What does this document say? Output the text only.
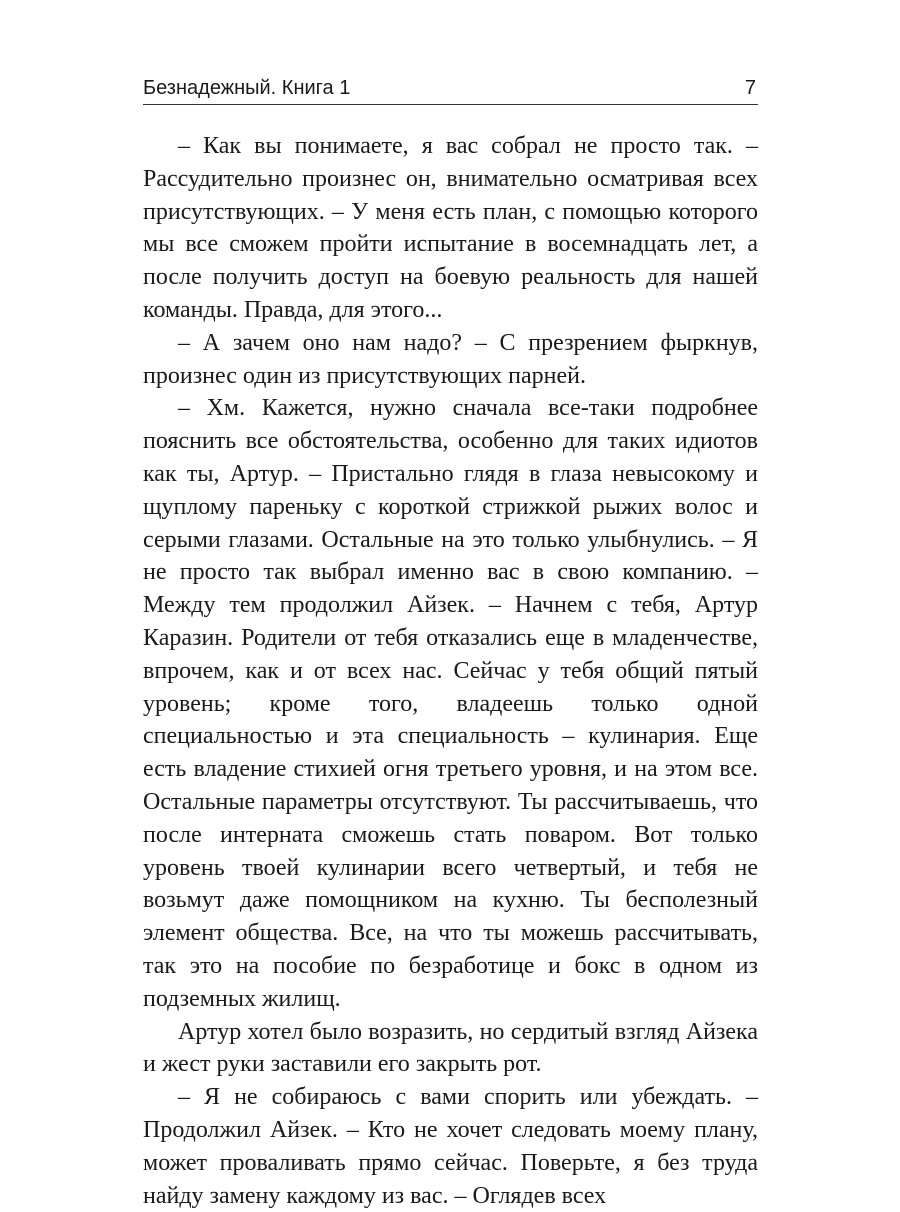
Безнадежный. Книга 1	7

– Как вы понимаете, я вас собрал не просто так. – Рассудительно произнес он, внимательно осматривая всех присутствующих. – У меня есть план, с помощью которого мы все сможем пройти испытание в восемнадцать лет, а после получить доступ на боевую реальность для нашей команды. Правда, для этого...

– А зачем оно нам надо? – С презрением фыркнув, произнес один из присутствующих парней.

– Хм. Кажется, нужно сначала все-таки подробнее пояснить все обстоятельства, особенно для таких идиотов как ты, Артур. – Пристально глядя в глаза невысокому и щуплому пареньку с короткой стрижкой рыжих волос и серыми глазами. Остальные на это только улыбнулись. – Я не просто так выбрал именно вас в свою компанию. – Между тем продолжил Айзек. – Начнем с тебя, Артур Каразин. Родители от тебя отказались еще в младенчестве, впрочем, как и от всех нас. Сейчас у тебя общий пятый уровень; кроме того, владеешь только одной специальностью и эта специальность – кулинария. Еще есть владение стихией огня третьего уровня, и на этом все. Остальные параметры отсутствуют. Ты рассчитываешь, что после интерната сможешь стать поваром. Вот только уровень твоей кулинарии всего четвертый, и тебя не возьмут даже помощником на кухню. Ты бесполезный элемент общества. Все, на что ты можешь рассчитывать, так это на пособие по безработице и бокс в одном из подземных жилищ.

Артур хотел было возразить, но сердитый взгляд Айзека и жест руки заставили его закрыть рот.

– Я не собираюсь с вами спорить или убеждать. – Продолжил Айзек. – Кто не хочет следовать моему плану, может проваливать прямо сейчас. Поверьте, я без труда найду замену каждому из вас. – Оглядев всех
